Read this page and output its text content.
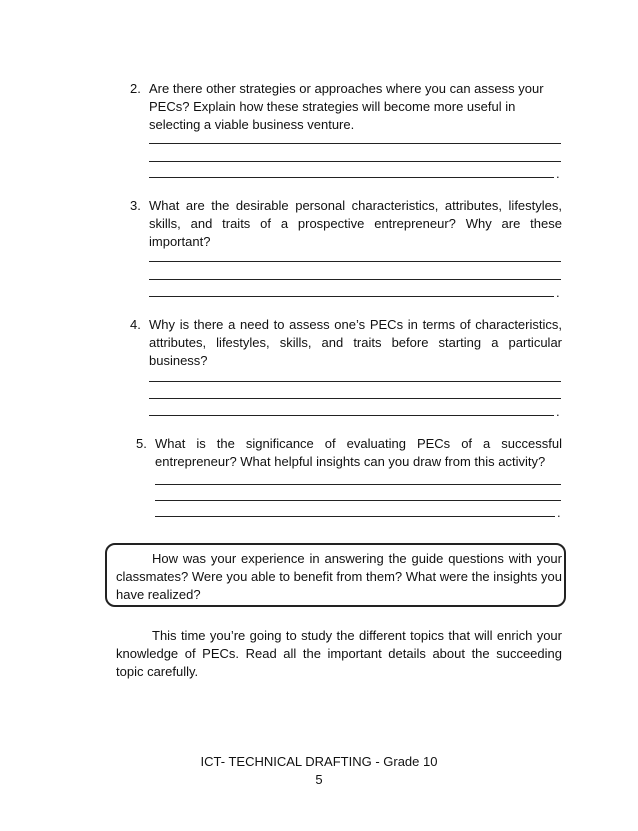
2. Are there other strategies or approaches where you can assess your PECs? Explain how these strategies will become more useful in selecting a viable business venture.
.
3. What are the desirable personal characteristics, attributes, lifestyles, skills, and traits of a prospective entrepreneur? Why are these important?
.
4. Why is there a need to assess one’s PECs in terms of characteristics, attributes, lifestyles, skills, and traits before starting a particular business?
.
5. What is the significance of evaluating PECs of a successful entrepreneur? What helpful insights can you draw from this activity?
.
How was your experience in answering the guide questions with your classmates? Were you able to benefit from them? What were the insights you have realized?
This time you’re going to study the different topics that will enrich your knowledge of PECs. Read all the important details about the succeeding topic carefully.
ICT- TECHNICAL DRAFTING - Grade 10
5
